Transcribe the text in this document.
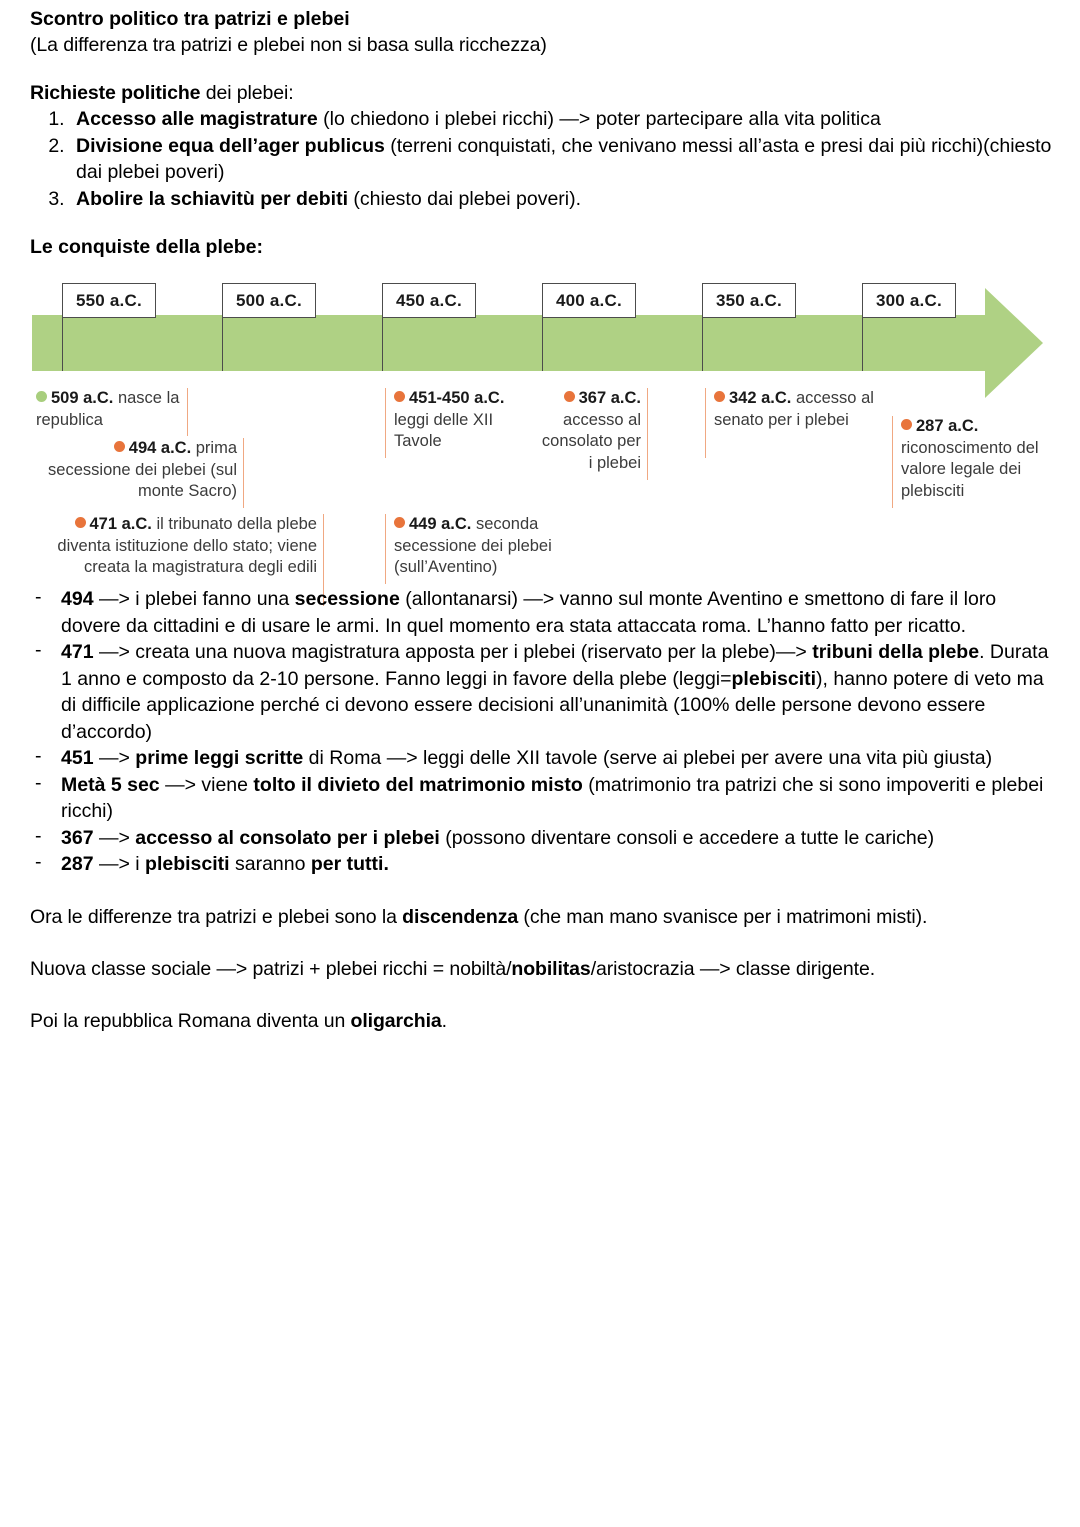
Scontro politico tra patrizi e plebei
(La differenza tra patrizi e plebei non si basa sulla ricchezza)
Richieste politiche dei plebei:
1. Accesso alle magistrature (lo chiedono i plebei ricchi) —> poter partecipare alla vita politica
2. Divisione equa dell’ager publicus (terreni conquistati, che venivano messi all’asta e presi dai più ricchi)(chiesto dai plebei poveri)
3. Abolire la schiavitù per debiti (chiesto dai plebei poveri).
Le conquiste della plebe:
550 a.C.	500 a.C.	450 a.C.	400 a.C.	350 a.C.	300 a.C.
509 a.C. nasce la republica
494 a.C. prima secessione dei plebei (sul monte Sacro)
471 a.C. il tribunato della plebe diventa istituzione dello stato; viene creata la magistratura degli edili
451-450 a.C. leggi delle XII Tavole
449 a.C. seconda secessione dei plebei (sull’Aventino)
367 a.C. accesso al consolato per i plebei
342 a.C. accesso al senato per i plebei	287 a.C. riconoscimento del valore legale dei plebisciti
- 494 —> i plebei fanno una secessione (allontanarsi) —> vanno sul monte Aventino e smettono di fare il loro dovere da cittadini e di usare le armi. In quel momento era stata attaccata roma. L’hanno fatto per ricatto.
- 471 —> creata una nuova magistratura apposta per i plebei (riservato per la plebe)—> tribuni della plebe. Durata 1 anno e composto da 2-10 persone. Fanno leggi in favore della plebe (leggi=plebisciti), hanno potere di veto ma di difficile applicazione perché ci devono essere decisioni all’unanimità (100% delle persone devono essere d’accordo)
- 451 —> prime leggi scritte di Roma —> leggi delle XII tavole (serve ai plebei per avere una vita più giusta)
- Metà 5 sec —> viene tolto il divieto del matrimonio misto (matrimonio tra patrizi che si sono impoveriti e plebei ricchi)
- 367 —> accesso al consolato per i plebei (possono diventare consoli e accedere a tutte le cariche)
- 287 —> i plebisciti saranno per tutti.
Ora le differenze tra patrizi e plebei sono la discendenza (che man mano svanisce per i matrimoni misti).
Nuova classe sociale —> patrizi + plebei ricchi = nobiltà/nobilitas/aristocrazia —> classe dirigente.
Poi la repubblica Romana diventa un oligarchia.
